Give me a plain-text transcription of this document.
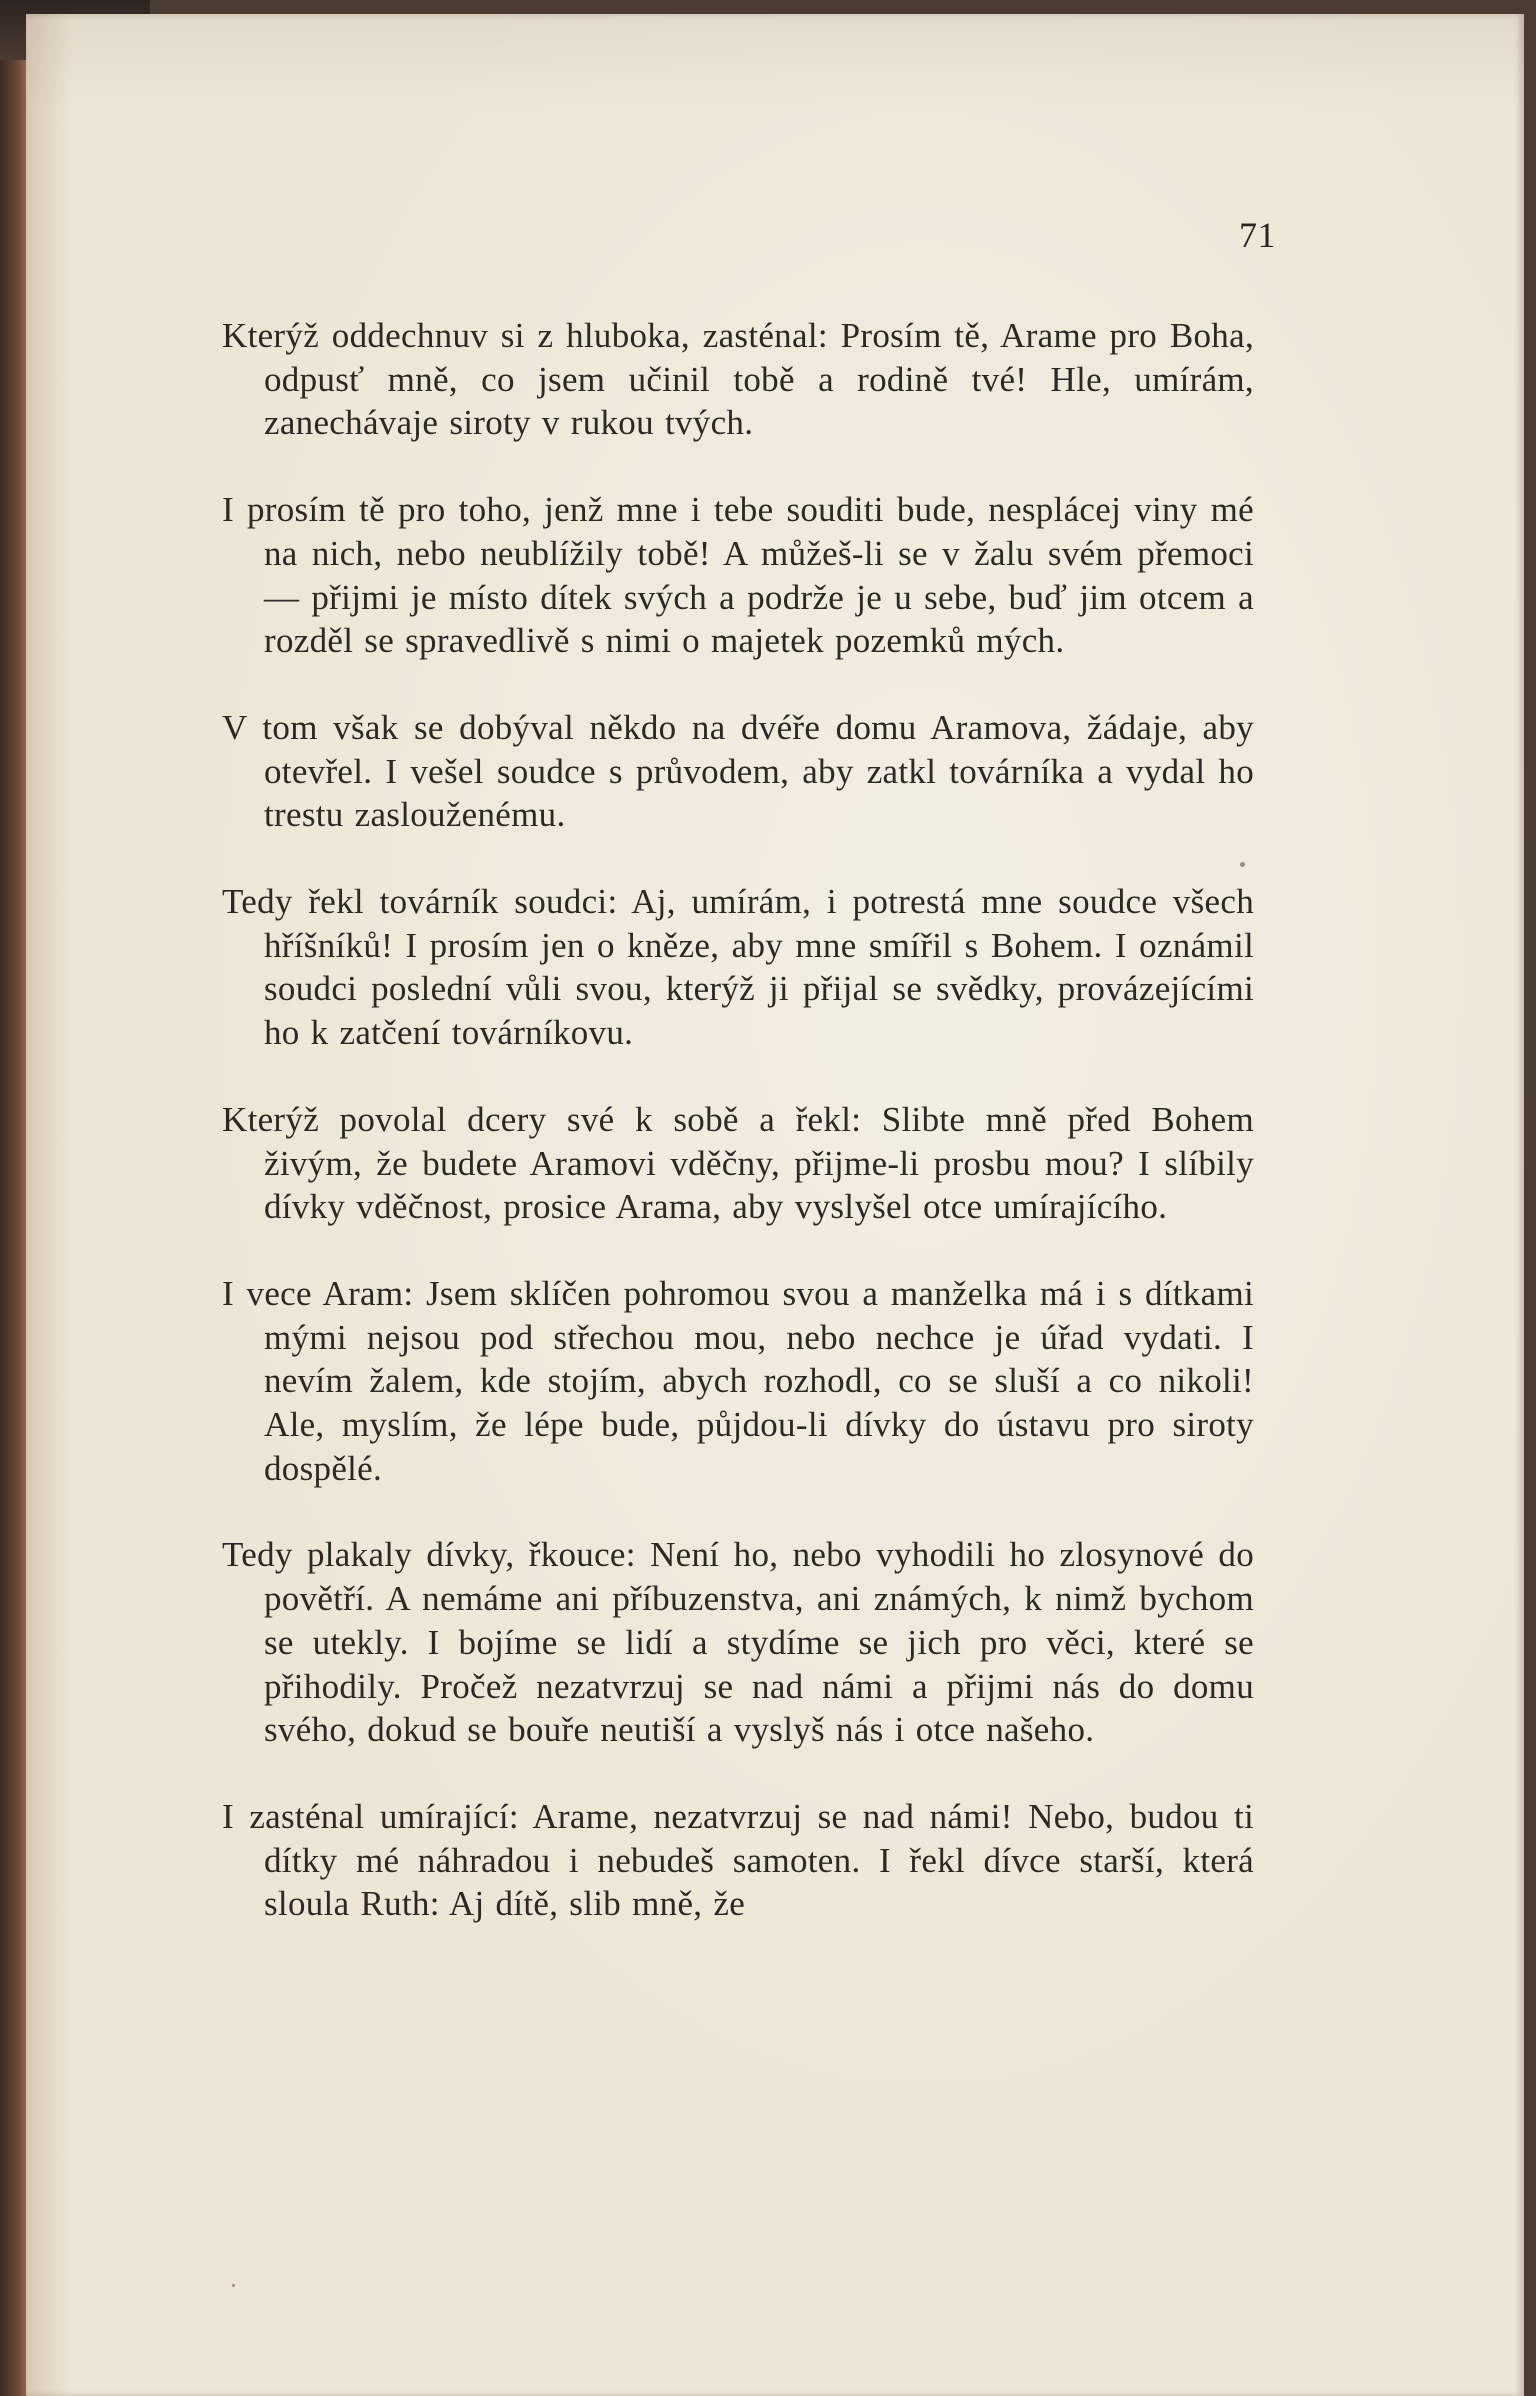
71

Kterýž oddechnuv si z hluboka, zasténal: Prosím tě, Arame pro Boha, odpusť mně, co jsem učinil tobě a rodině tvé! Hle, umírám, zanechávaje siroty v rukou tvých.

I prosím tě pro toho, jenž mne i tebe souditi bude, nesplácej viny mé na nich, nebo neublížily tobě! A můžeš-li se v žalu svém přemoci — přijmi je místo dítek svých a podrže je u sebe, buď jim otcem a rozděl se spravedlivě s nimi o majetek pozemků mých.

V tom však se dobýval někdo na dvéře domu Aramova, žádaje, aby otevřel. I vešel soudce s průvodem, aby zatkl továrníka a vydal ho trestu zaslouženému.

Tedy řekl továrník soudci: Aj, umírám, i potrestá mne soudce všech hříšníků! I prosím jen o kněze, aby mne smířil s Bohem. I oznámil soudci poslední vůli svou, kterýž ji přijal se svědky, provázejícími ho k zatčení továrníkovu.

Kterýž povolal dcery své k sobě a řekl: Slibte mně před Bohem živým, že budete Aramovi vděčny, přijme-li prosbu mou? I slíbily dívky vděčnost, prosice Arama, aby vyslyšel otce umírajícího.

I vece Aram: Jsem sklíčen pohromou svou a manželka má i s dítkami mými nejsou pod střechou mou, nebo nechce je úřad vydati. I nevím žalem, kde stojím, abych rozhodl, co se sluší a co nikoli! Ale, myslím, že lépe bude, půjdou-li dívky do ústavu pro siroty dospělé.

Tedy plakaly dívky, řkouce: Není ho, nebo vyhodili ho zlosynové do povětří. A nemáme ani příbuzenstva, ani známých, k nimž bychom se utekly. I bojíme se lidí a stydíme se jich pro věci, které se přihodily. Pročež nezatvrzuj se nad námi a přijmi nás do domu svého, dokud se bouře neutiší a vyslyš nás i otce našeho.

I zasténal umírající: Arame, nezatvrzuj se nad námi! Nebo, budou ti dítky mé náhradou i nebudeš samoten. I řekl dívce starší, která sloula Ruth: Aj dítě, slib mně, že
